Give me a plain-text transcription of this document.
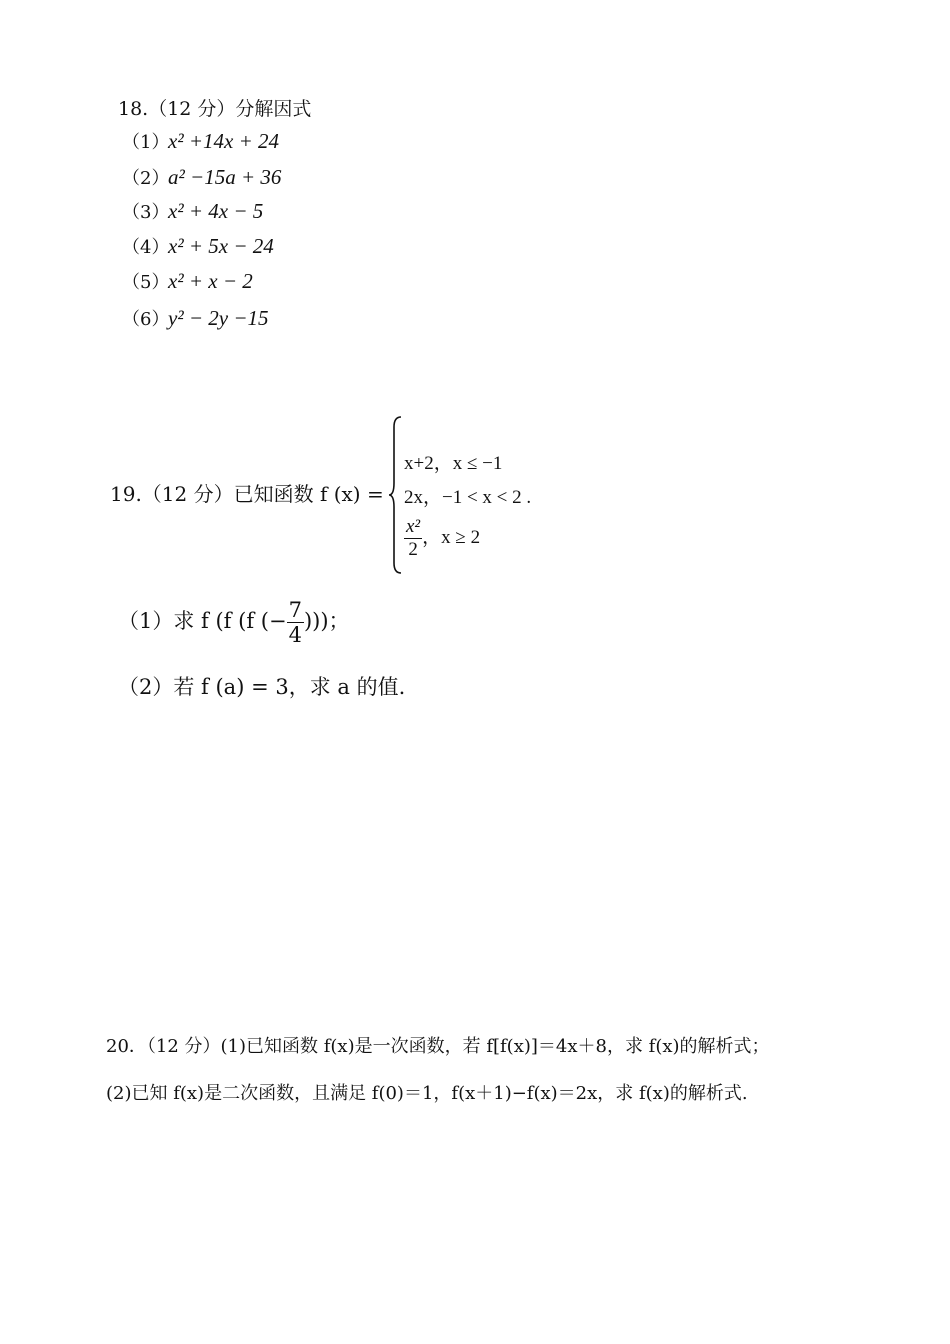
18.（12 分）分解因式
（1）x² +14x + 24
（2）a² −15a + 36
（3）x² + 4x − 5
（4）x² + 5x − 24
（5）x² + x − 2
（6）y² − 2y −15
19.（12 分）已知函数 f (x) =
x+2，x ≤ −1
2x，−1 < x < 2 .
$\frac{\text{x²}}{2}$ ，x ≥ 2
（1）求 f (f (f (− $\frac{7}{4}$ )))；
（2）若 f (a) = 3，求 a 的值.
20．（12 分）(1)已知函数 f(x)是一次函数，若 f[f(x)]＝4x＋8，求 f(x)的解析式；
(2)已知 f(x)是二次函数，且满足 f(0)＝1，f(x＋1)−f(x)＝2x，求 f(x)的解析式.
